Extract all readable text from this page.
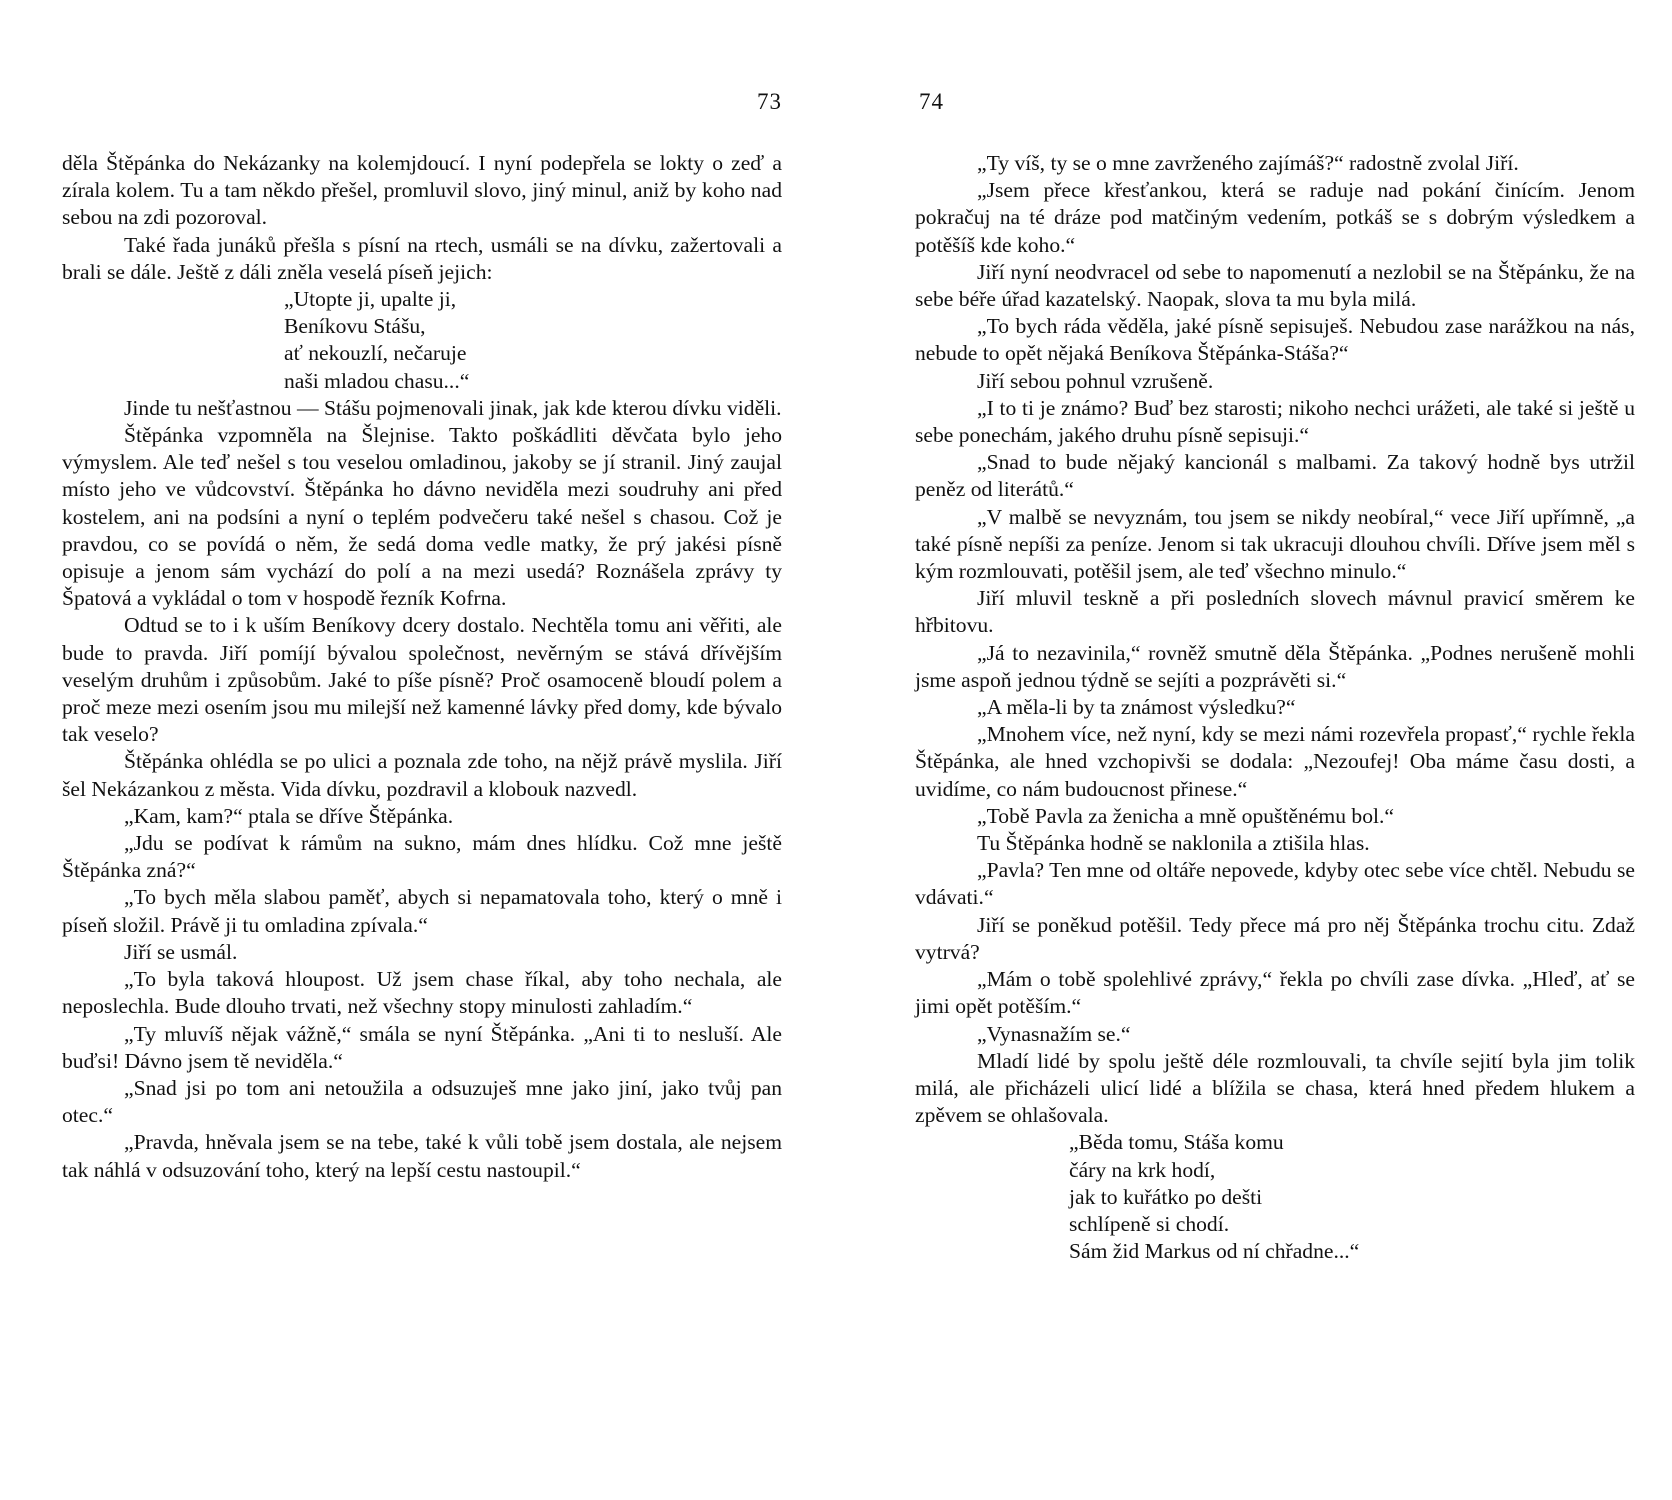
73

děla Štěpánka do Nekázanky na kolemjdoucí. I nyní podepřela se lokty o zeď a zírala kolem. Tu a tam někdo přešel, promluvil slovo, jiný minul, aniž by koho nad sebou na zdi pozoroval.

Také řada junáků přešla s písní na rtech, usmáli se na dívku, zažertovali a brali se dále. Ještě z dáli zněla veselá píseň jejich:

„Utopte ji, upalte ji,
Beníkovu Stášu,
ať nekouzlí, nečaruje
naši mladou chasu...“

Jinde tu nešťastnou — Stášu pojmenovali jinak, jak kde kterou dívku viděli.

Štěpánka vzpomněla na Šlejnise. Takto poškádliti děvčata bylo jeho výmyslem. Ale teď nešel s tou veselou omladinou, jakoby se jí stranil. Jiný zaujal místo jeho ve vůdcovství. Štěpánka ho dávno neviděla mezi soudruhy ani před kostelem, ani na podsíni a nyní o teplém podvečeru také nešel s chasou. Což je pravdou, co se povídá o něm, že sedá doma vedle matky, že prý jakési písně opisuje a jenom sám vychází do polí a na mezi usedá? Roznášela zprávy ty Špatová a vykládal o tom v hospodě řezník Kofrna.

Odtud se to i k uším Beníkovy dcery dostalo. Nechtěla tomu ani věřiti, ale bude to pravda. Jiří pomíjí bývalou společnost, nevěrným se stává dřívějším veselým druhům i způsobům. Jaké to píše písně? Proč osamoceně bloudí polem a proč meze mezi osením jsou mu milejší než kamenné lávky před domy, kde bývalo tak veselo?

Štěpánka ohlédla se po ulici a poznala zde toho, na nějž právě myslila. Jiří šel Nekázankou z města. Vida dívku, pozdravil a klobouk nazvedl.

„Kam, kam?“ ptala se dříve Štěpánka.

„Jdu se podívat k rámům na sukno, mám dnes hlídku. Což mne ještě Štěpánka zná?“

„To bych měla slabou paměť, abych si nepamatovala toho, který o mně i píseň složil. Právě ji tu omladina zpívala.“

Jiří se usmál.

„To byla taková hloupost. Už jsem chase říkal, aby toho nechala, ale neposlechla. Bude dlouho trvati, než všechny stopy minulosti zahladím.“

„Ty mluvíš nějak vážně,“ smála se nyní Štěpánka. „Ani ti to nesluší. Ale buďsi! Dávno jsem tě neviděla.“

„Snad jsi po tom ani netoužila a odsuzuješ mne jako jiní, jako tvůj pan otec.“

„Pravda, hněvala jsem se na tebe, také k vůli tobě jsem dostala, ale nejsem tak náhlá v odsuzování toho, který na lepší cestu nastoupil.“

74

„Ty víš, ty se o mne zavrženého zajímáš?“ radostně zvolal Jiří.

„Jsem přece křesťankou, která se raduje nad pokání činícím. Jenom pokračuj na té dráze pod matčiným vedením, potkáš se s dobrým výsledkem a potěšíš kde koho.“

Jiří nyní neodvracel od sebe to napomenutí a nezlobil se na Štěpánku, že na sebe béře úřad kazatelský. Naopak, slova ta mu byla milá.

„To bych ráda věděla, jaké písně sepisuješ. Nebudou zase narážkou na nás, nebude to opět nějaká Beníkova Štěpánka-Stáša?“

Jiří sebou pohnul vzrušeně.

„I to ti je známo? Buď bez starosti; nikoho nechci urážeti, ale také si ještě u sebe ponechám, jakého druhu písně sepisuji.“

„Snad to bude nějaký kancionál s malbami. Za takový hodně bys utržil peněz od literátů.“

„V malbě se nevyznám, tou jsem se nikdy neobíral,“ vece Jiří upřímně, „a také písně nepíši za peníze. Jenom si tak ukracuji dlouhou chvíli. Dříve jsem měl s kým rozmlouvati, potěšil jsem, ale teď všechno minulo.“

Jiří mluvil teskně a při posledních slovech mávnul pravicí směrem ke hřbitovu.

„Já to nezavinila,“ rovněž smutně děla Štěpánka. „Podnes nerušeně mohli jsme aspoň jednou týdně se sejíti a pozprávěti si.“

„A měla-li by ta známost výsledku?“

„Mnohem více, než nyní, kdy se mezi námi rozevřela propasť,“ rychle řekla Štěpánka, ale hned vzchopivši se dodala: „Nezoufej! Oba máme času dosti, a uvidíme, co nám budoucnost přinese.“

„Tobě Pavla za ženicha a mně opuštěnému bol.“

Tu Štěpánka hodně se naklonila a ztišila hlas.

„Pavla? Ten mne od oltáře nepovede, kdyby otec sebe více chtěl. Nebudu se vdávati.“

Jiří se poněkud potěšil. Tedy přece má pro něj Štěpánka trochu citu. Zdaž vytrvá?

„Mám o tobě spolehlivé zprávy,“ řekla po chvíli zase dívka. „Hleď, ať se jimi opět potěším.“

„Vynasnažím se.“

Mladí lidé by spolu ještě déle rozmlouvali, ta chvíle sejití byla jim tolik milá, ale přicházeli ulicí lidé a blížila se chasa, která hned předem hlukem a zpěvem se ohlašovala.

„Běda tomu, Stáša komu
čáry na krk hodí,
jak to kuřátko po dešti
schlípeně si chodí.
Sám žid Markus od ní chřadne...“
